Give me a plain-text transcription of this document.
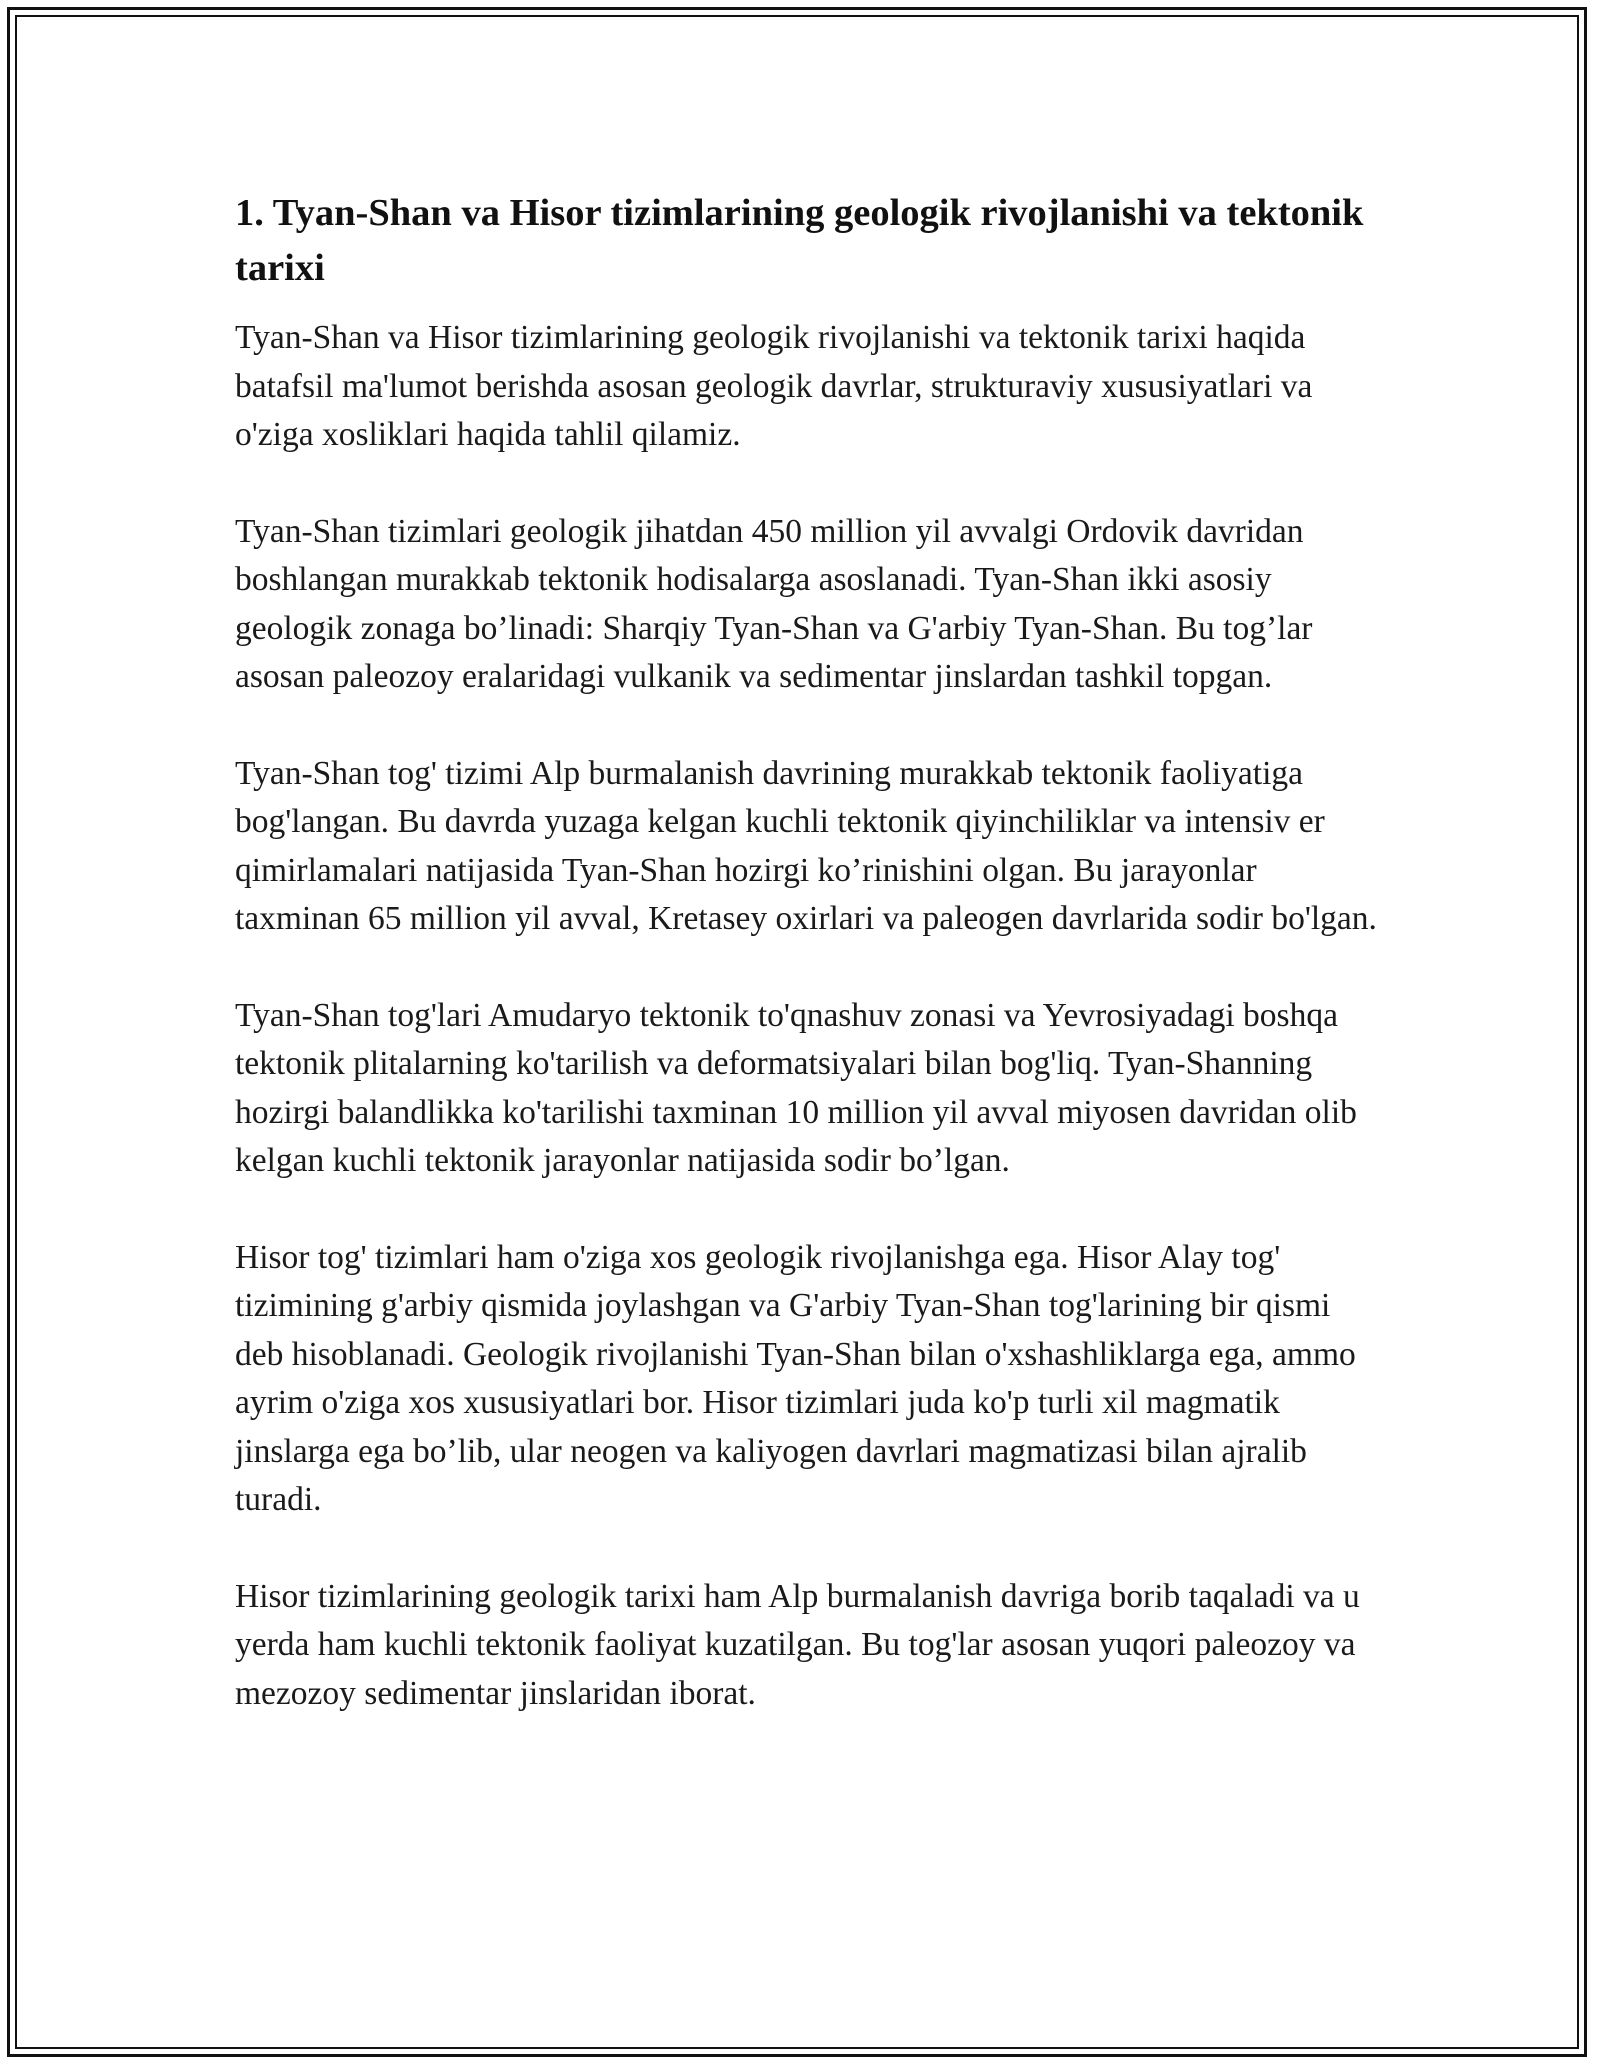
1. Tyan-Shan va Hisor tizimlarining geologik rivojlanishi va tektonik tarixi

Tyan-Shan va Hisor tizimlarining geologik rivojlanishi va tektonik tarixi haqida batafsil ma'lumot berishda asosan geologik davrlar, strukturaviy xususiyatlari va o'ziga xosliklari haqida tahlil qilamiz.

Tyan-Shan tizimlari geologik jihatdan 450 million yil avvalgi Ordovik davridan boshlangan murakkab tektonik hodisalarga asoslanadi. Tyan-Shan ikki asosiy geologik zonaga bo’linadi: Sharqiy Tyan-Shan va G'arbiy Tyan-Shan. Bu tog’lar asosan paleozoy eralaridagi vulkanik va sedimentar jinslardan tashkil topgan.

Tyan-Shan tog' tizimi Alp burmalanish davrining murakkab tektonik faoliyatiga bog'langan. Bu davrda yuzaga kelgan kuchli tektonik qiyinchiliklar va intensiv er qimirlamalari natijasida Tyan-Shan hozirgi ko’rinishini olgan. Bu jarayonlar taxminan 65 million yil avval, Kretasey oxirlari va paleogen davrlarida sodir bo'lgan.

Tyan-Shan tog'lari Amudaryo tektonik to'qnashuv zonasi va Yevrosiyadagi boshqa tektonik plitalarning ko'tarilish va deformatsiyalari bilan bog'liq. Tyan-Shanning hozirgi balandlikka ko'tarilishi taxminan 10 million yil avval miyosen davridan olib kelgan kuchli tektonik jarayonlar natijasida sodir bo’lgan.

Hisor tog' tizimlari ham o'ziga xos geologik rivojlanishga ega. Hisor Alay tog' tizimining g'arbiy qismida joylashgan va G'arbiy Tyan-Shan tog'larining bir qismi deb hisoblanadi. Geologik rivojlanishi Tyan-Shan bilan o'xshashliklarga ega, ammo ayrim o'ziga xos xususiyatlari bor. Hisor tizimlari juda ko'p turli xil magmatik jinslarga ega bo’lib, ular neogen va kaliyogen davrlari magmatizasi bilan ajralib turadi.

Hisor tizimlarining geologik tarixi ham Alp burmalanish davriga borib taqaladi va u yerda ham kuchli tektonik faoliyat kuzatilgan. Bu tog'lar asosan yuqori paleozoy va mezozoy sedimentar jinslaridan iborat.
